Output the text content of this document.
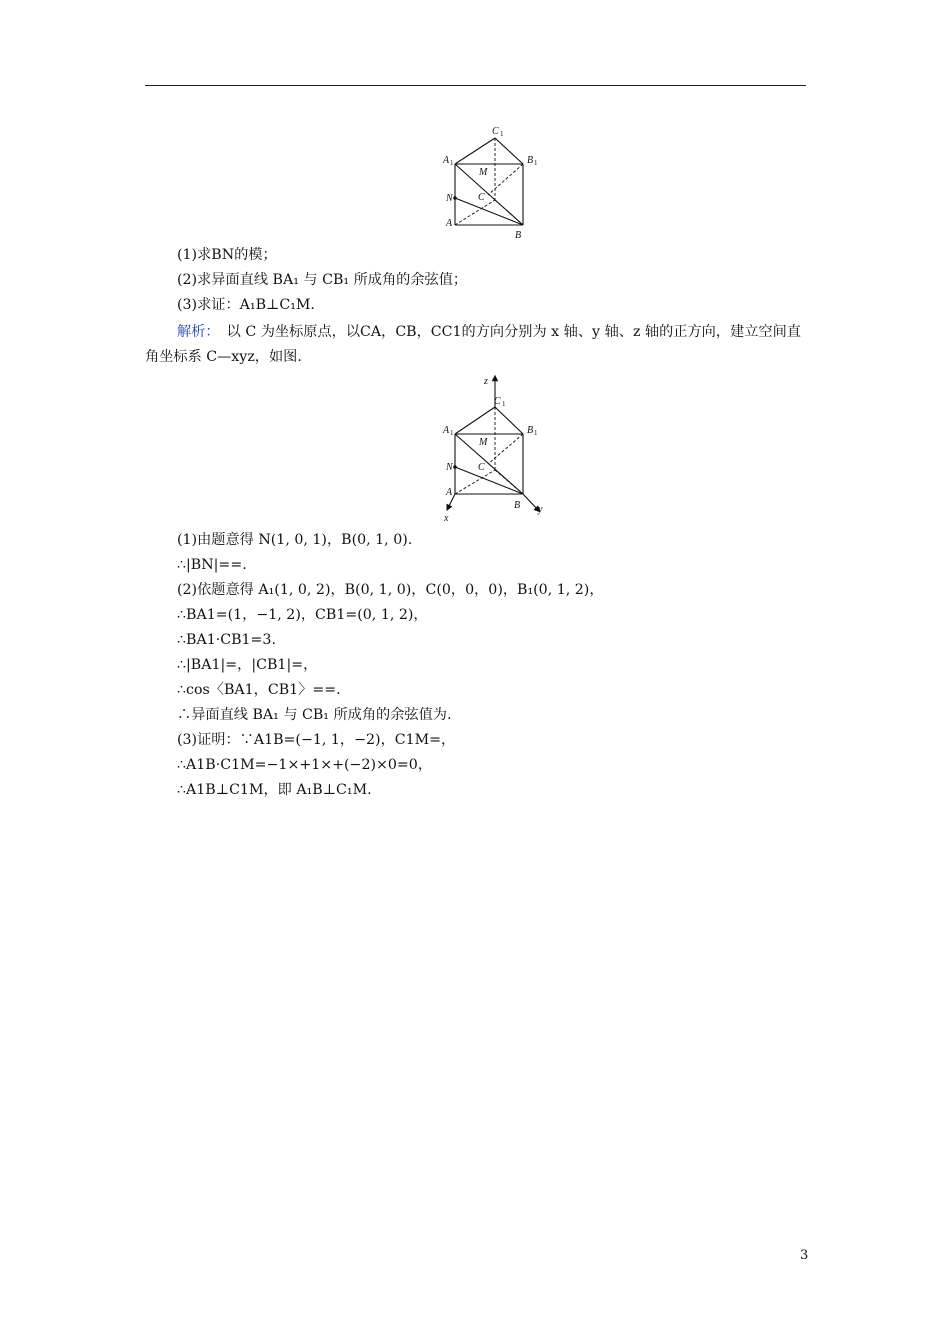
C 1
A 1	B 1
M
N	C
A
B
(1)求BN的模；
(2)求异面直线 BA₁ 与 CB₁ 所成角的余弦值；
(3)求证：A₁B⊥C₁M.
解析：　以 C 为坐标原点，以CA，CB，CC1的方向分别为 x 轴、y 轴、z 轴的正方向，建立空间直角坐标系 C—xyz，如图.
z
C 1
A 1	B 1
M
N	C
A
B
x
y
(1)由题意得 N(1, 0, 1)，B(0, 1, 0).
∴|BN|==.
(2)依题意得 A₁(1, 0, 2)，B(0, 1, 0)，C(0，0，0)，B₁(0, 1, 2)，
∴BA1=(1，−1, 2)，CB1=(0, 1, 2)，
∴BA1·CB1=3.
∴|BA1|=，|CB1|=，
∴cos〈BA1，CB1〉==.
∴异面直线 BA₁ 与 CB₁ 所成角的余弦值为.
(3)证明：∵A1B=(−1, 1，−2)，C1M=，
∴A1B·C1M=−1×+1×+(−2)×0=0，
∴A1B⊥C1M，即 A₁B⊥C₁M.
3
